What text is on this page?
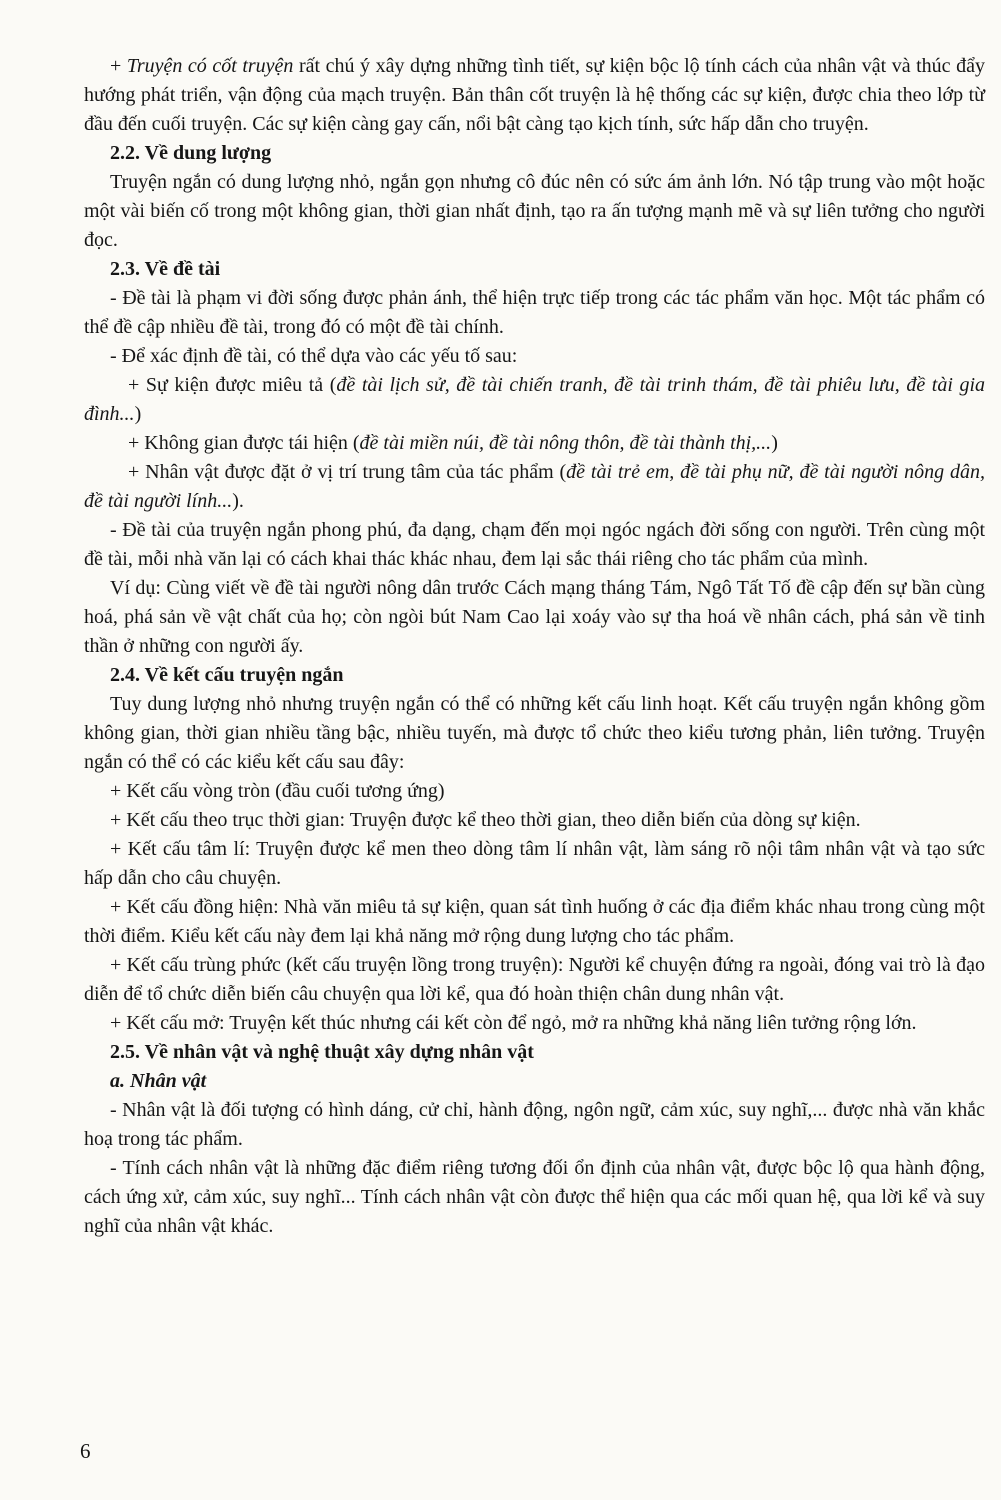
+ Truyện có cốt truyện rất chú ý xây dựng những tình tiết, sự kiện bộc lộ tính cách của nhân vật và thúc đẩy hướng phát triển, vận động của mạch truyện. Bản thân cốt truyện là hệ thống các sự kiện, được chia theo lớp từ đầu đến cuối truyện. Các sự kiện càng gay cấn, nổi bật càng tạo kịch tính, sức hấp dẫn cho truyện.

2.2. Về dung lượng

Truyện ngắn có dung lượng nhỏ, ngắn gọn nhưng cô đúc nên có sức ám ảnh lớn. Nó tập trung vào một hoặc một vài biến cố trong một không gian, thời gian nhất định, tạo ra ấn tượng mạnh mẽ và sự liên tưởng cho người đọc.

2.3. Về đề tài

- Đề tài là phạm vi đời sống được phản ánh, thể hiện trực tiếp trong các tác phẩm văn học. Một tác phẩm có thể đề cập nhiều đề tài, trong đó có một đề tài chính.

- Để xác định đề tài, có thể dựa vào các yếu tố sau:

+ Sự kiện được miêu tả (đề tài lịch sử, đề tài chiến tranh, đề tài trinh thám, đề tài phiêu lưu, đề tài gia đình...)

+ Không gian được tái hiện (đề tài miền núi, đề tài nông thôn, đề tài thành thị,...)

+ Nhân vật được đặt ở vị trí trung tâm của tác phẩm (đề tài trẻ em, đề tài phụ nữ, đề tài người nông dân, đề tài người lính...).

- Đề tài của truyện ngắn phong phú, đa dạng, chạm đến mọi ngóc ngách đời sống con người. Trên cùng một đề tài, mỗi nhà văn lại có cách khai thác khác nhau, đem lại sắc thái riêng cho tác phẩm của mình.

Ví dụ: Cùng viết về đề tài người nông dân trước Cách mạng tháng Tám, Ngô Tất Tố đề cập đến sự bần cùng hoá, phá sản về vật chất của họ; còn ngòi bút Nam Cao lại xoáy vào sự tha hoá về nhân cách, phá sản về tinh thần ở những con người ấy.

2.4. Về kết cấu truyện ngắn

Tuy dung lượng nhỏ nhưng truyện ngắn có thể có những kết cấu linh hoạt. Kết cấu truyện ngắn không gồm không gian, thời gian nhiều tầng bậc, nhiều tuyến, mà được tổ chức theo kiểu tương phản, liên tưởng. Truyện ngắn có thể có các kiểu kết cấu sau đây:

+ Kết cấu vòng tròn (đầu cuối tương ứng)

+ Kết cấu theo trục thời gian: Truyện được kể theo thời gian, theo diễn biến của dòng sự kiện.

+ Kết cấu tâm lí: Truyện được kể men theo dòng tâm lí nhân vật, làm sáng rõ nội tâm nhân vật và tạo sức hấp dẫn cho câu chuyện.

+ Kết cấu đồng hiện: Nhà văn miêu tả sự kiện, quan sát tình huống ở các địa điểm khác nhau trong cùng một thời điểm. Kiểu kết cấu này đem lại khả năng mở rộng dung lượng cho tác phẩm.

+ Kết cấu trùng phức (kết cấu truyện lồng trong truyện): Người kể chuyện đứng ra ngoài, đóng vai trò là đạo diễn để tổ chức diễn biến câu chuyện qua lời kể, qua đó hoàn thiện chân dung nhân vật.

+ Kết cấu mở: Truyện kết thúc nhưng cái kết còn để ngỏ, mở ra những khả năng liên tưởng rộng lớn.

2.5. Về nhân vật và nghệ thuật xây dựng nhân vật

a. Nhân vật

- Nhân vật là đối tượng có hình dáng, cử chỉ, hành động, ngôn ngữ, cảm xúc, suy nghĩ,... được nhà văn khắc hoạ trong tác phẩm.

- Tính cách nhân vật là những đặc điểm riêng tương đối ổn định của nhân vật, được bộc lộ qua hành động, cách ứng xử, cảm xúc, suy nghĩ... Tính cách nhân vật còn được thể hiện qua các mối quan hệ, qua lời kể và suy nghĩ của nhân vật khác.

6
